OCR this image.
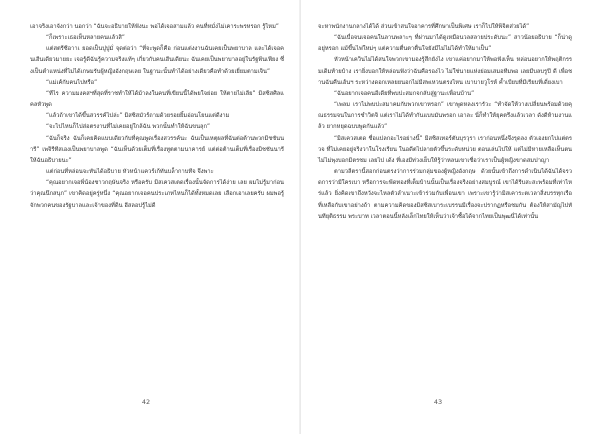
เอาจริงเอาจังกว่า นอกว่า “ฉันจะอธิบายให้ฟังนะ พอได้เจอสามแล้ว คนที่หมั่งไม่เคาระพรหรอก รู้ไหม”

“ก็เพราะเธอเห็นหลายคนแล้วสิ”

แต่สตรีซีอาาเ ยอดเป็นปูปูมั่ จุดต่อว่า “ที่จะพูดก็คือ ก่อนแต่งงานฉันเคยเป็นพยาบาล และได้เจอคนเฮีนเดียวมายยะ เจอรู้ดีฉันรู้ความจริงแท้ๆ เกี่ยวกับคนเฮีนเดียนะ ฉันเคยเป็นพยาบาลอยู่ในรัฐพีนเฟียง ซึ่งเป็นตำแหน่งที่ไม่ได้เกษมรับผู้หญิงอังกฤษเลย ในฐานะนั้นทำได้อย่างเดียวคือทำด้วยเยี่ยมตามเจิน”

“แม่เค้กับคนไปหรือ”

“ทีไร ความมงคสฯที่สุดที่ราชทำให้ได้ม้าลงในคนที่เขียนนี้ได้พยใจย่อย ให้ตายไม่เลีย” มิสซิสศิลแคลหัวพูด

“แล้วถ้าเขาได้ขึ้นสวรรค์ไปล่ะ” มิสซิสมัวร์ถามด้วยรอยยิ้มอ่อนโยนแต่ดีงาม

“จะไปไหนก็ไปส่อตรงานที่ไม่เคยอยู่ใกล้ฉัน พวกนั้นทำให้ฉันขนลุก”

“ฉันก็จริง ฉันก็เคยคิดแบบเดียวกับที่คุณพูดเรื่องสวรรค์นะ ฉันเป็นเหตุผลที่ฉันต่อต้านพวกมิชชันนารี” เพจิรีทีสเองเป็นพยาบาลพูด “ฉันเห็นด้วยเต็มที่เรื่องทูตตามนาคารย์ แต่ต่อต้านเต็มที่เรื่องมิชชันนารี ให้ฉันอธิบายนะ”

แต่ก่อนที่หล่อนจะทันได้อธิบาย หัวหน้าแควร์เก้ทันบล็ากาบทีจ จึงพาะ

“คุณอยากเจอพี่น้องชาวกฤษันจริง หรือครับ มิสเควสเตดเรื่องนั้นจัดการได้ง่าย เลย ผมไม่รู้มาก่อนว่าคุณนึกสนุก” เขาคิดอยู่ครู่หนึ่ง “คุณอยากเจอคนประเภทไหนก็ได้ทั้งหมดเลย เลือกเอาเลยครับ ผมพอรู้จักพวกคนของรัฐบาลและเจ้าของที่ดิน ฮีสลอปรู้ไม่ดี

42

จะหาพนักงานกลางได้ได้ ส่วนเข้าสนใจอาคารที่ศึกษาเป็นพิเศษ เราก็ไปให้พิจิตส่วยได้”

“ฉันเบื่อจนเจอคนในลานพลาะๆ ที่ผ่านมาได้ดูเหมือนวลสลายประดับนะ” สาวน้อยอธิบาย “ก็น่าดูอยู่หรอก แม้ขึ้นไฟใหม่ๆ แต่ความตื่นตาตื่นใจยังมีไม่ไม่ได้ทำให้มาเป็น”

หัวหน้าเควินไม่ได้สนใจพวกเขามองรู้สึกยังไง เขาแค่อยากมาให้พอฟังเห็น หล่อนอยากให้พฤติกรรมเดิมท้ายบ้าง เรายิ่งบอกให้หล่อนฟังว่าฉันคือรองไว ไม่ใช่นายแห่งย่อมเสมอทีมพอ เลยมีบลบรูปี ดี เพื่อชานฉันคืนเฮ้นฯ ระหว่างดอกเหลยยนอกไม่มีสพเหวนตรงไหน เบาบายวูโรห์ ค้ำเบียบที่มีเรียบที่เดี่ยงเบา

“ฉันอยากเจอคนอีเดียที่พบปะสมกจกลับสู่ฐานะเพื่อนบ้าน”

“เพลม เราไม่พบปะสมาคมกับพวกเขาหรอก” เขาพูดหลงเรารัวะ “ทำจัดให้วางเปลี่ยนพร้อมด้วยคุณธรรมจนในการชำวิตจิ แต่เราไม่ได้ทำกันแบบมันพรอก เอาละ นี่ก็ทำให้ยุคตรึงแล้วเวลา ดังดีห้ามงานแล้ว ยากหยุดฉบบพูดกันแล้ว”

“มิสเควสเตด ชื่อแปลกอะไรอย่างนี้” มิสซิสเทอร์ตันบุรวุรา เราก่อนหนึ่งจึงรุดลง ตัวเองยกไปแต่ตรวจ ที่ไม่เคยอยู่จริงวาในโรงเรียน ในอดีตไปลายตัวขึ้นระดับหน่วย ตอนเล่นไปให้ แต่ไม่มีหายเหลือเห็นตน ไม่ไม่พุงบอกมิตรชม เลยไป เด้ง ที่เองมีท่วงเย็บให้รู้ว่าหลนเขาเชื่อว่าเราเป็นผู้หญิงขาดสมปาญา

ตามวลีตรานี้สอกก่อนตรงว่าการร่วมกลุ่มของผู้หญิงอังกฤษ ด้วยนั้นเข้าถึงการดำเนินได้ฉันได้จรวดการว่ามีใครเบา หรือการจะพีดทองที่เต็มบ้านนั้นเป็นเรื่องจริงอย่างสมบูรณ์ เขาได้รีบสะสะพร้อมที่เท่าไหร่แล้ว ยิ่งคิดเขาถึงหวังจะไหลตัวลำเนาะเข้าร่วมกับเพื่อนเขา เพราะเขารู้ว่ามิสเคาระตเวลาสิ่งบรรทุกเรือที่เหลือกับเขาอย่างถ้า ตามความคิดของมิสซิสเบาระเบรรนมีเรื่องจะปรากฏหรือชมกัน ต้องให้สามัญไปทันทียุติธรรม พระบาท เวลาตอนนี้หลังเล็กไทยให้เห็นว่าเจ้าซื้อได้จากไทยเป็นพุฒนี่ได้เท่านั้น

43
